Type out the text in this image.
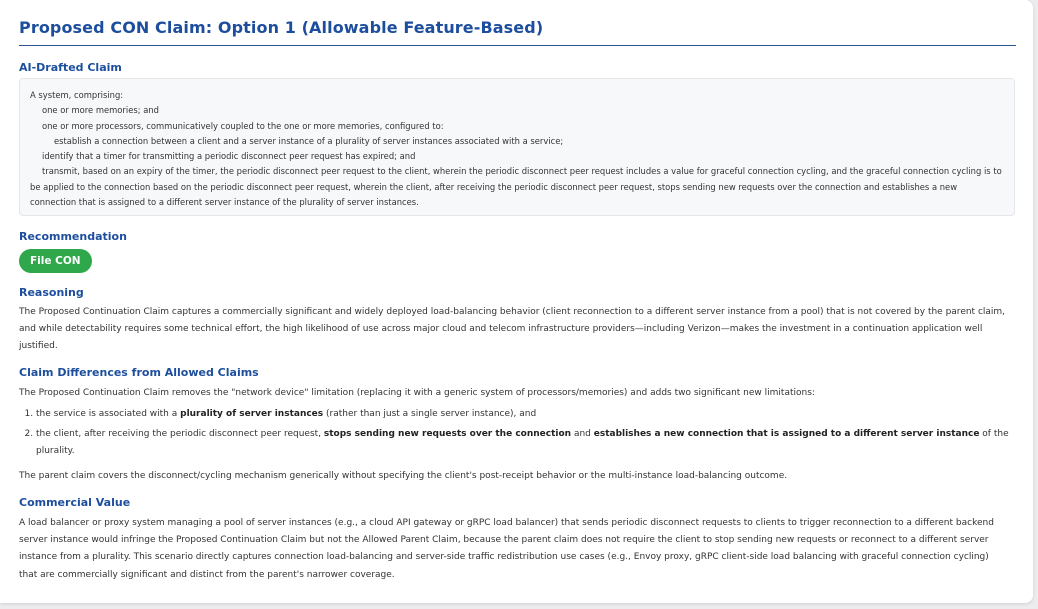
Proposed CON Claim: Option 1 (Allowable Feature-Based)
AI-Drafted Claim
A system, comprising:
one or more memories; and
one or more processors, communicatively coupled to the one or more memories, configured to:
establish a connection between a client and a server instance of a plurality of server instances associated with a service;
identify that a timer for transmitting a periodic disconnect peer request has expired; and
transmit, based on an expiry of the timer, the periodic disconnect peer request to the client, wherein the periodic disconnect peer request includes a value for graceful connection cycling, and the graceful connection cycling is to be applied to the connection based on the periodic disconnect peer request, wherein the client, after receiving the periodic disconnect peer request, stops sending new requests over the connection and establishes a new connection that is assigned to a different server instance of the plurality of server instances.
Recommendation
File CON
Reasoning

The Proposed Continuation Claim captures a commercially significant and widely deployed load-balancing behavior (client reconnection to a different server instance from a pool) that is not covered by the parent claim, and while detectability requires some technical effort, the high likelihood of use across major cloud and telecom infrastructure providers—including Verizon—makes the investment in a continuation application well justified.

Claim Differences from Allowed Claims

The Proposed Continuation Claim removes the "network device" limitation (replacing it with a generic system of processors/memories) and adds two significant new limitations:

1. the service is associated with a plurality of server instances (rather than just a single server instance), and
2. the client, after receiving the periodic disconnect peer request, stops sending new requests over the connection and establishes a new connection that is assigned to a different server instance of the plurality.

The parent claim covers the disconnect/cycling mechanism generically without specifying the client's post-receipt behavior or the multi-instance load-balancing outcome.

Commercial Value

A load balancer or proxy system managing a pool of server instances (e.g., a cloud API gateway or gRPC load balancer) that sends periodic disconnect requests to clients to trigger reconnection to a different backend server instance would infringe the Proposed Continuation Claim but not the Allowed Parent Claim, because the parent claim does not require the client to stop sending new requests or reconnect to a different server instance from a plurality. This scenario directly captures connection load-balancing and server-side traffic redistribution use cases (e.g., Envoy proxy, gRPC client-side load balancing with graceful connection cycling) that are commercially significant and distinct from the parent's narrower coverage.
